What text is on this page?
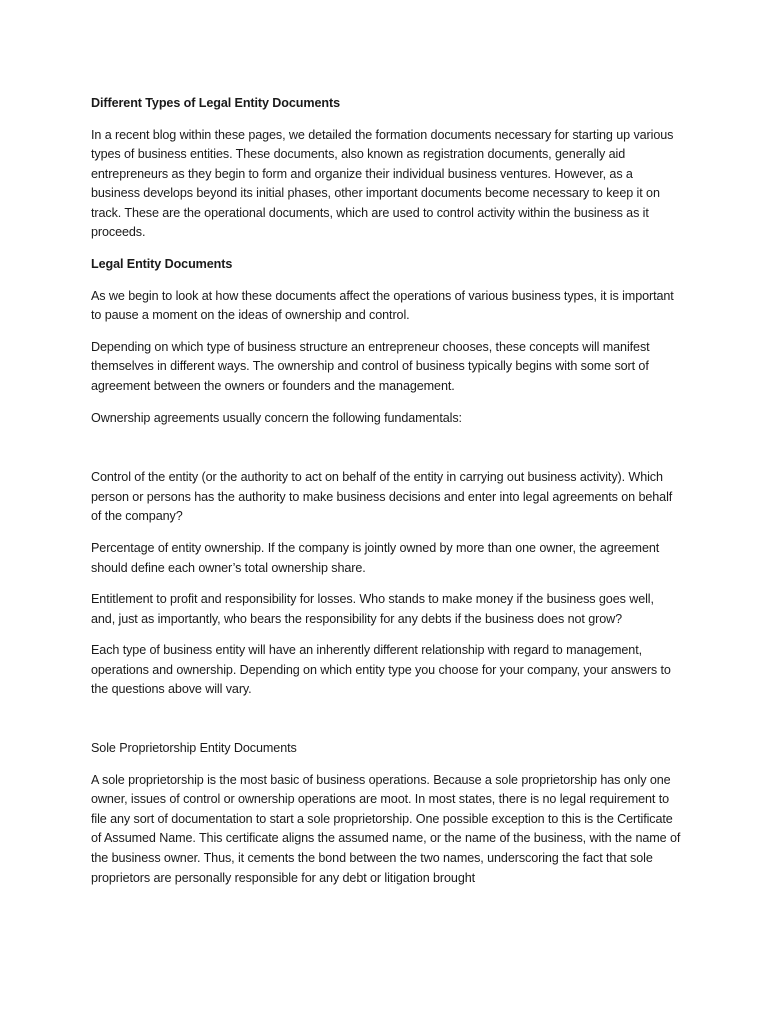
Different Types of Legal Entity Documents

In a recent blog within these pages, we detailed the formation documents necessary for starting up various types of business entities. These documents, also known as registration documents, generally aid entrepreneurs as they begin to form and organize their individual business ventures. However, as a business develops beyond its initial phases, other important documents become necessary to keep it on track. These are the operational documents, which are used to control activity within the business as it proceeds.

Legal Entity Documents

As we begin to look at how these documents affect the operations of various business types, it is important to pause a moment on the ideas of ownership and control.

Depending on which type of business structure an entrepreneur chooses, these concepts will manifest themselves in different ways. The ownership and control of business typically begins with some sort of agreement between the owners or founders and the management.

Ownership agreements usually concern the following fundamentals:

Control of the entity (or the authority to act on behalf of the entity in carrying out business activity). Which person or persons has the authority to make business decisions and enter into legal agreements on behalf of the company?

Percentage of entity ownership. If the company is jointly owned by more than one owner, the agreement should define each owner’s total ownership share.

Entitlement to profit and responsibility for losses. Who stands to make money if the business goes well, and, just as importantly, who bears the responsibility for any debts if the business does not grow?

Each type of business entity will have an inherently different relationship with regard to management, operations and ownership. Depending on which entity type you choose for your company, your answers to the questions above will vary.

Sole Proprietorship Entity Documents

A sole proprietorship is the most basic of business operations. Because a sole proprietorship has only one owner, issues of control or ownership operations are moot. In most states, there is no legal requirement to file any sort of documentation to start a sole proprietorship. One possible exception to this is the Certificate of Assumed Name. This certificate aligns the assumed name, or the name of the business, with the name of the business owner. Thus, it cements the bond between the two names, underscoring the fact that sole proprietors are personally responsible for any debt or litigation brought
